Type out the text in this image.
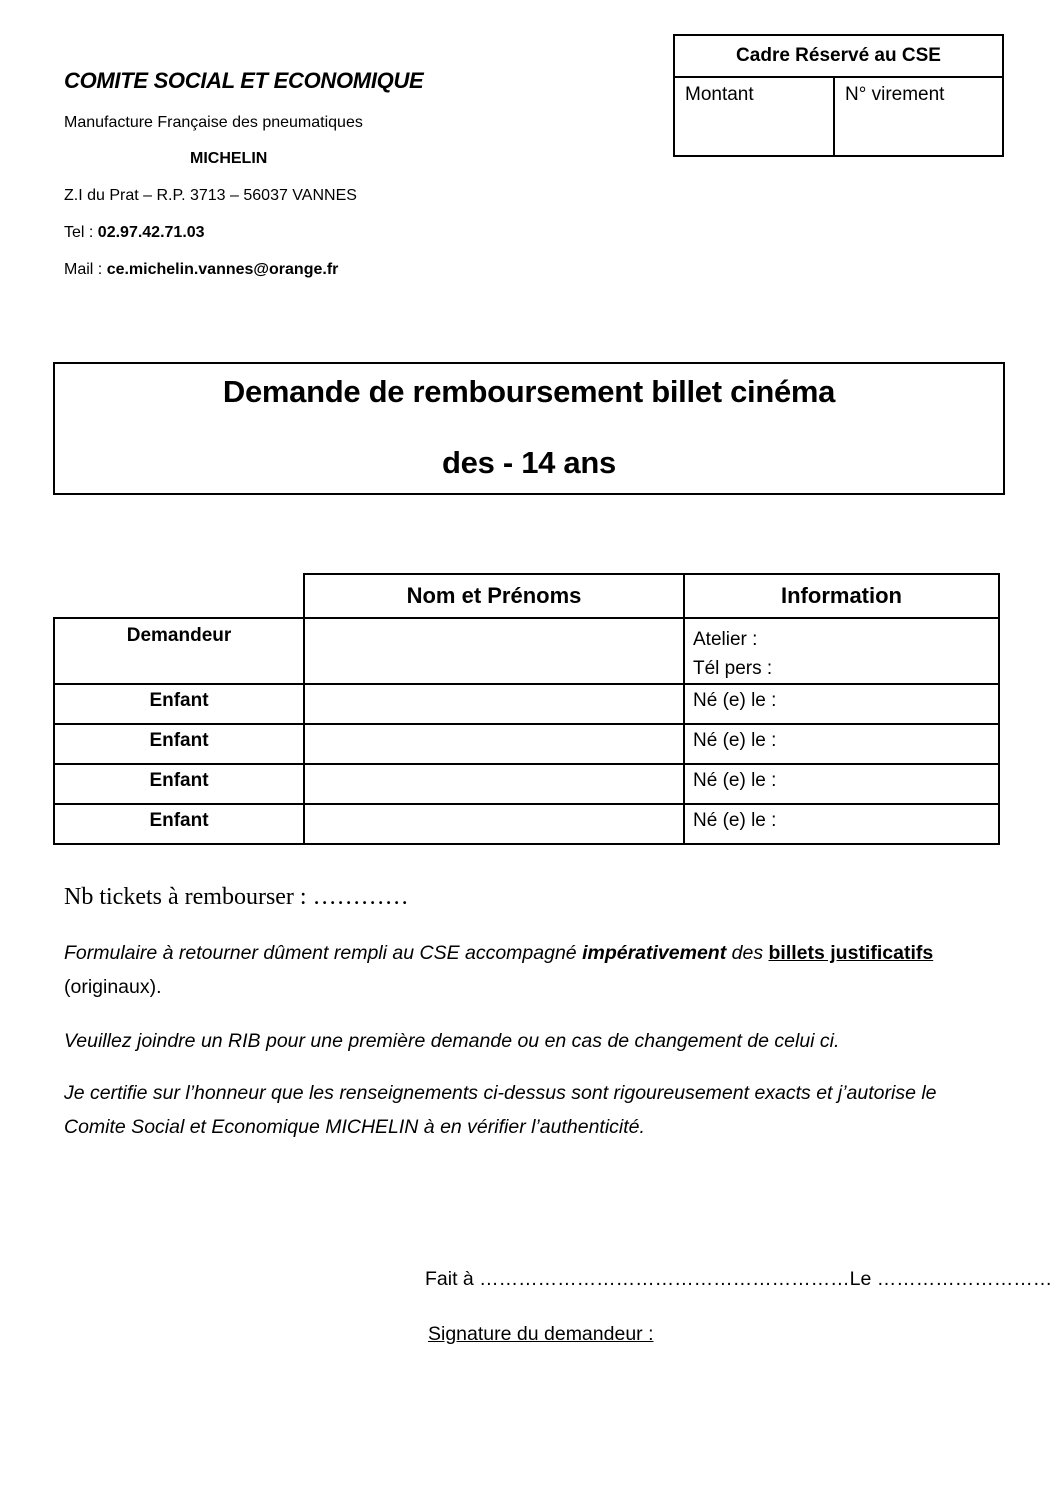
COMITE SOCIAL ET ECONOMIQUE
Manufacture Française des pneumatiques
MICHELIN
Z.I du Prat – R.P. 3713 – 56037 VANNES
Tel : 02.97.42.71.03
Mail : ce.michelin.vannes@orange.fr
Cadre Réservé au CSE
Montant	N° virement
Demande de remboursement billet cinéma
des - 14 ans
	Nom et Prénoms	Information
Demandeur		Atelier :
Tél pers :

Enfant		Né (e) le :
Enfant		Né (e) le :
Enfant		Né (e) le :
Enfant		Né (e) le :
Nb tickets à rembourser : …………
Formulaire à retourner dûment rempli au CSE accompagné impérativement des billets justificatifs (originaux).
Veuillez joindre un RIB pour une première demande ou en cas de changement de celui ci.
Je certifie sur l’honneur que les renseignements ci-dessus sont rigoureusement exacts et j’autorise le Comite Social et Economique MICHELIN à en vérifier l’authenticité.
Fait à …………………………………………………Le ………………………
Signature du demandeur :
